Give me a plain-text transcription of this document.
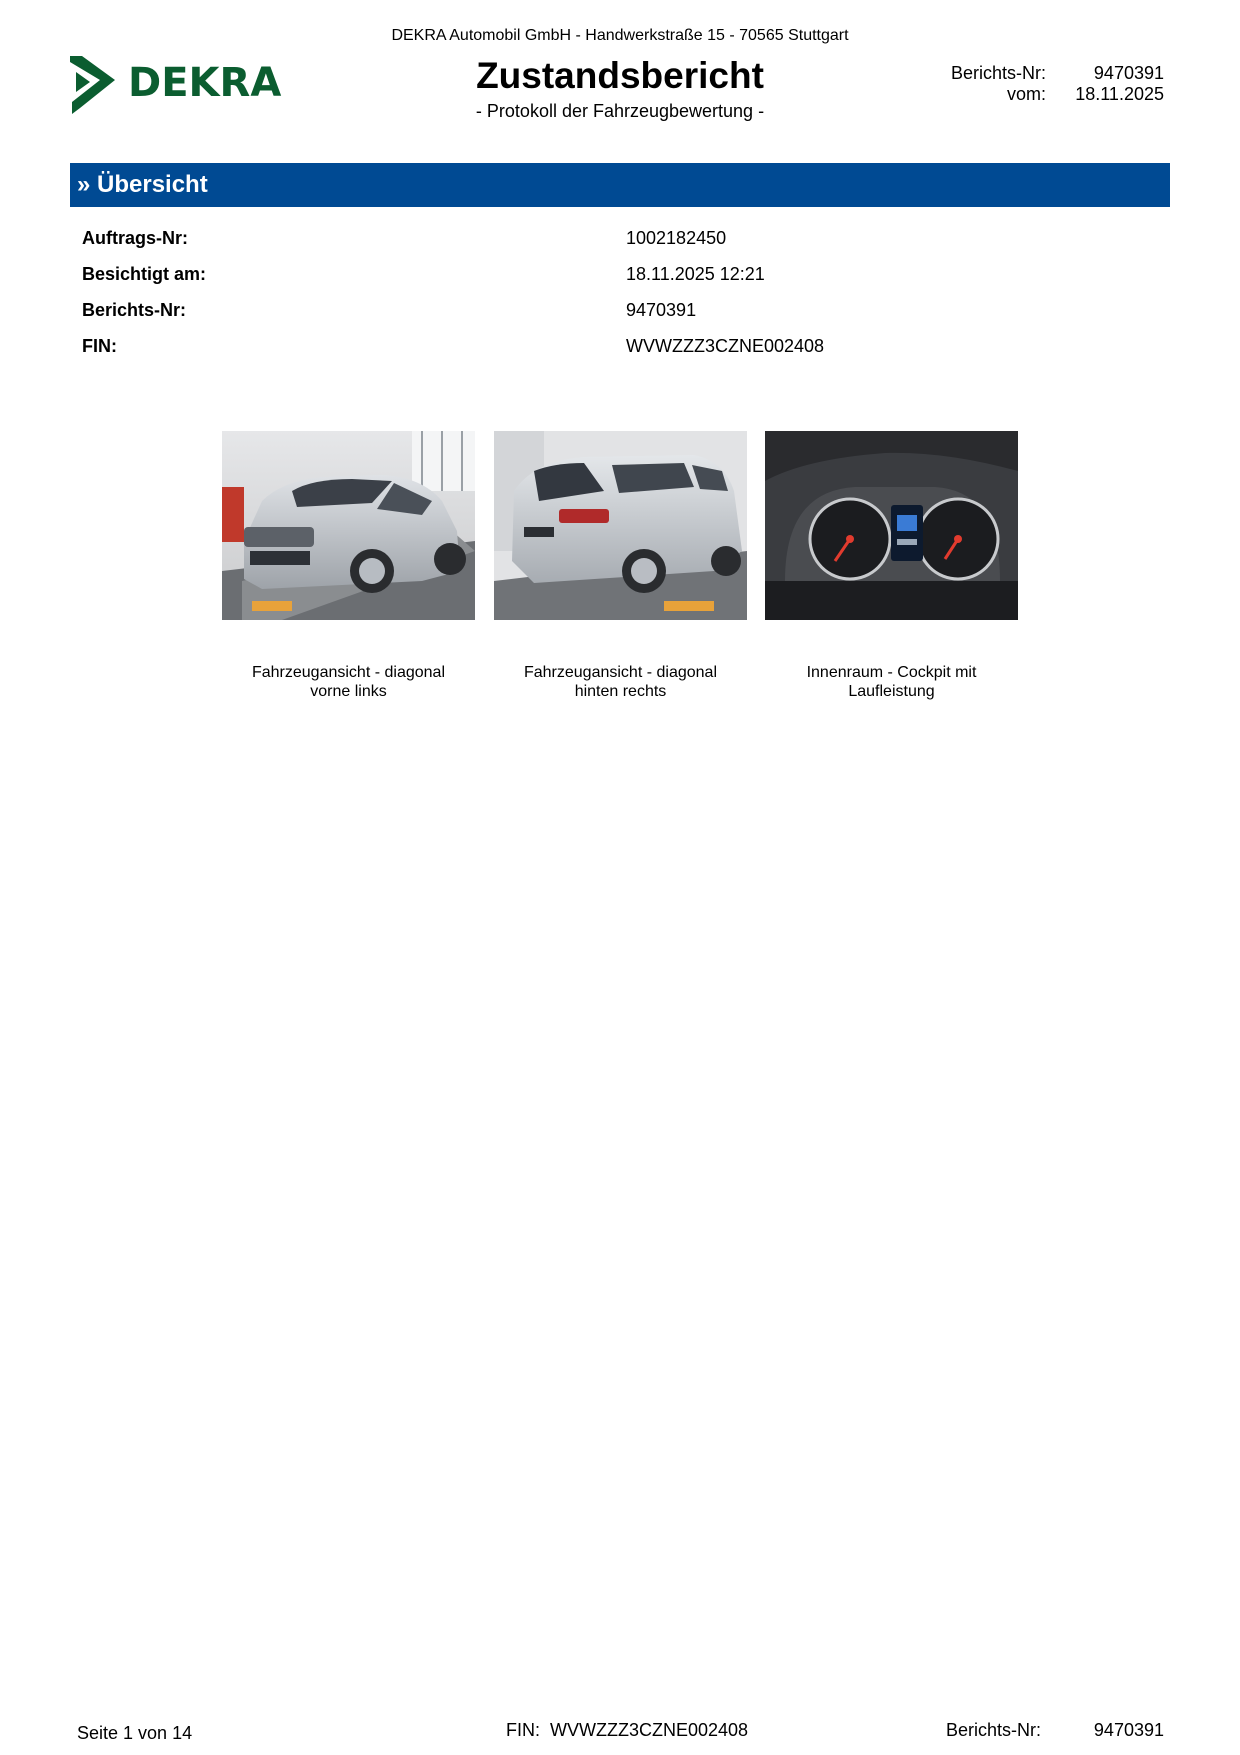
DEKRA Automobil GmbH - Handwerkstraße 15 - 70565 Stuttgart
DEKRA	Zustandsbericht
- Protokoll der Fahrzeugbewertung -
Berichts-Nr:	9470391
vom:	18.11.2025
» Übersicht
Auftrags-Nr:	1002182450
Besichtigt am:	18.11.2025 12:21
Berichts-Nr:	9470391
FIN:	WVWZZZ3CZNE002408
Fahrzeugansicht - diagonal vorne links
Fahrzeugansicht - diagonal hinten rechts
Innenraum - Cockpit mit Laufleistung
Seite 1 von 14	FIN: WVWZZZ3CZNE002408	Berichts-Nr:	9470391
